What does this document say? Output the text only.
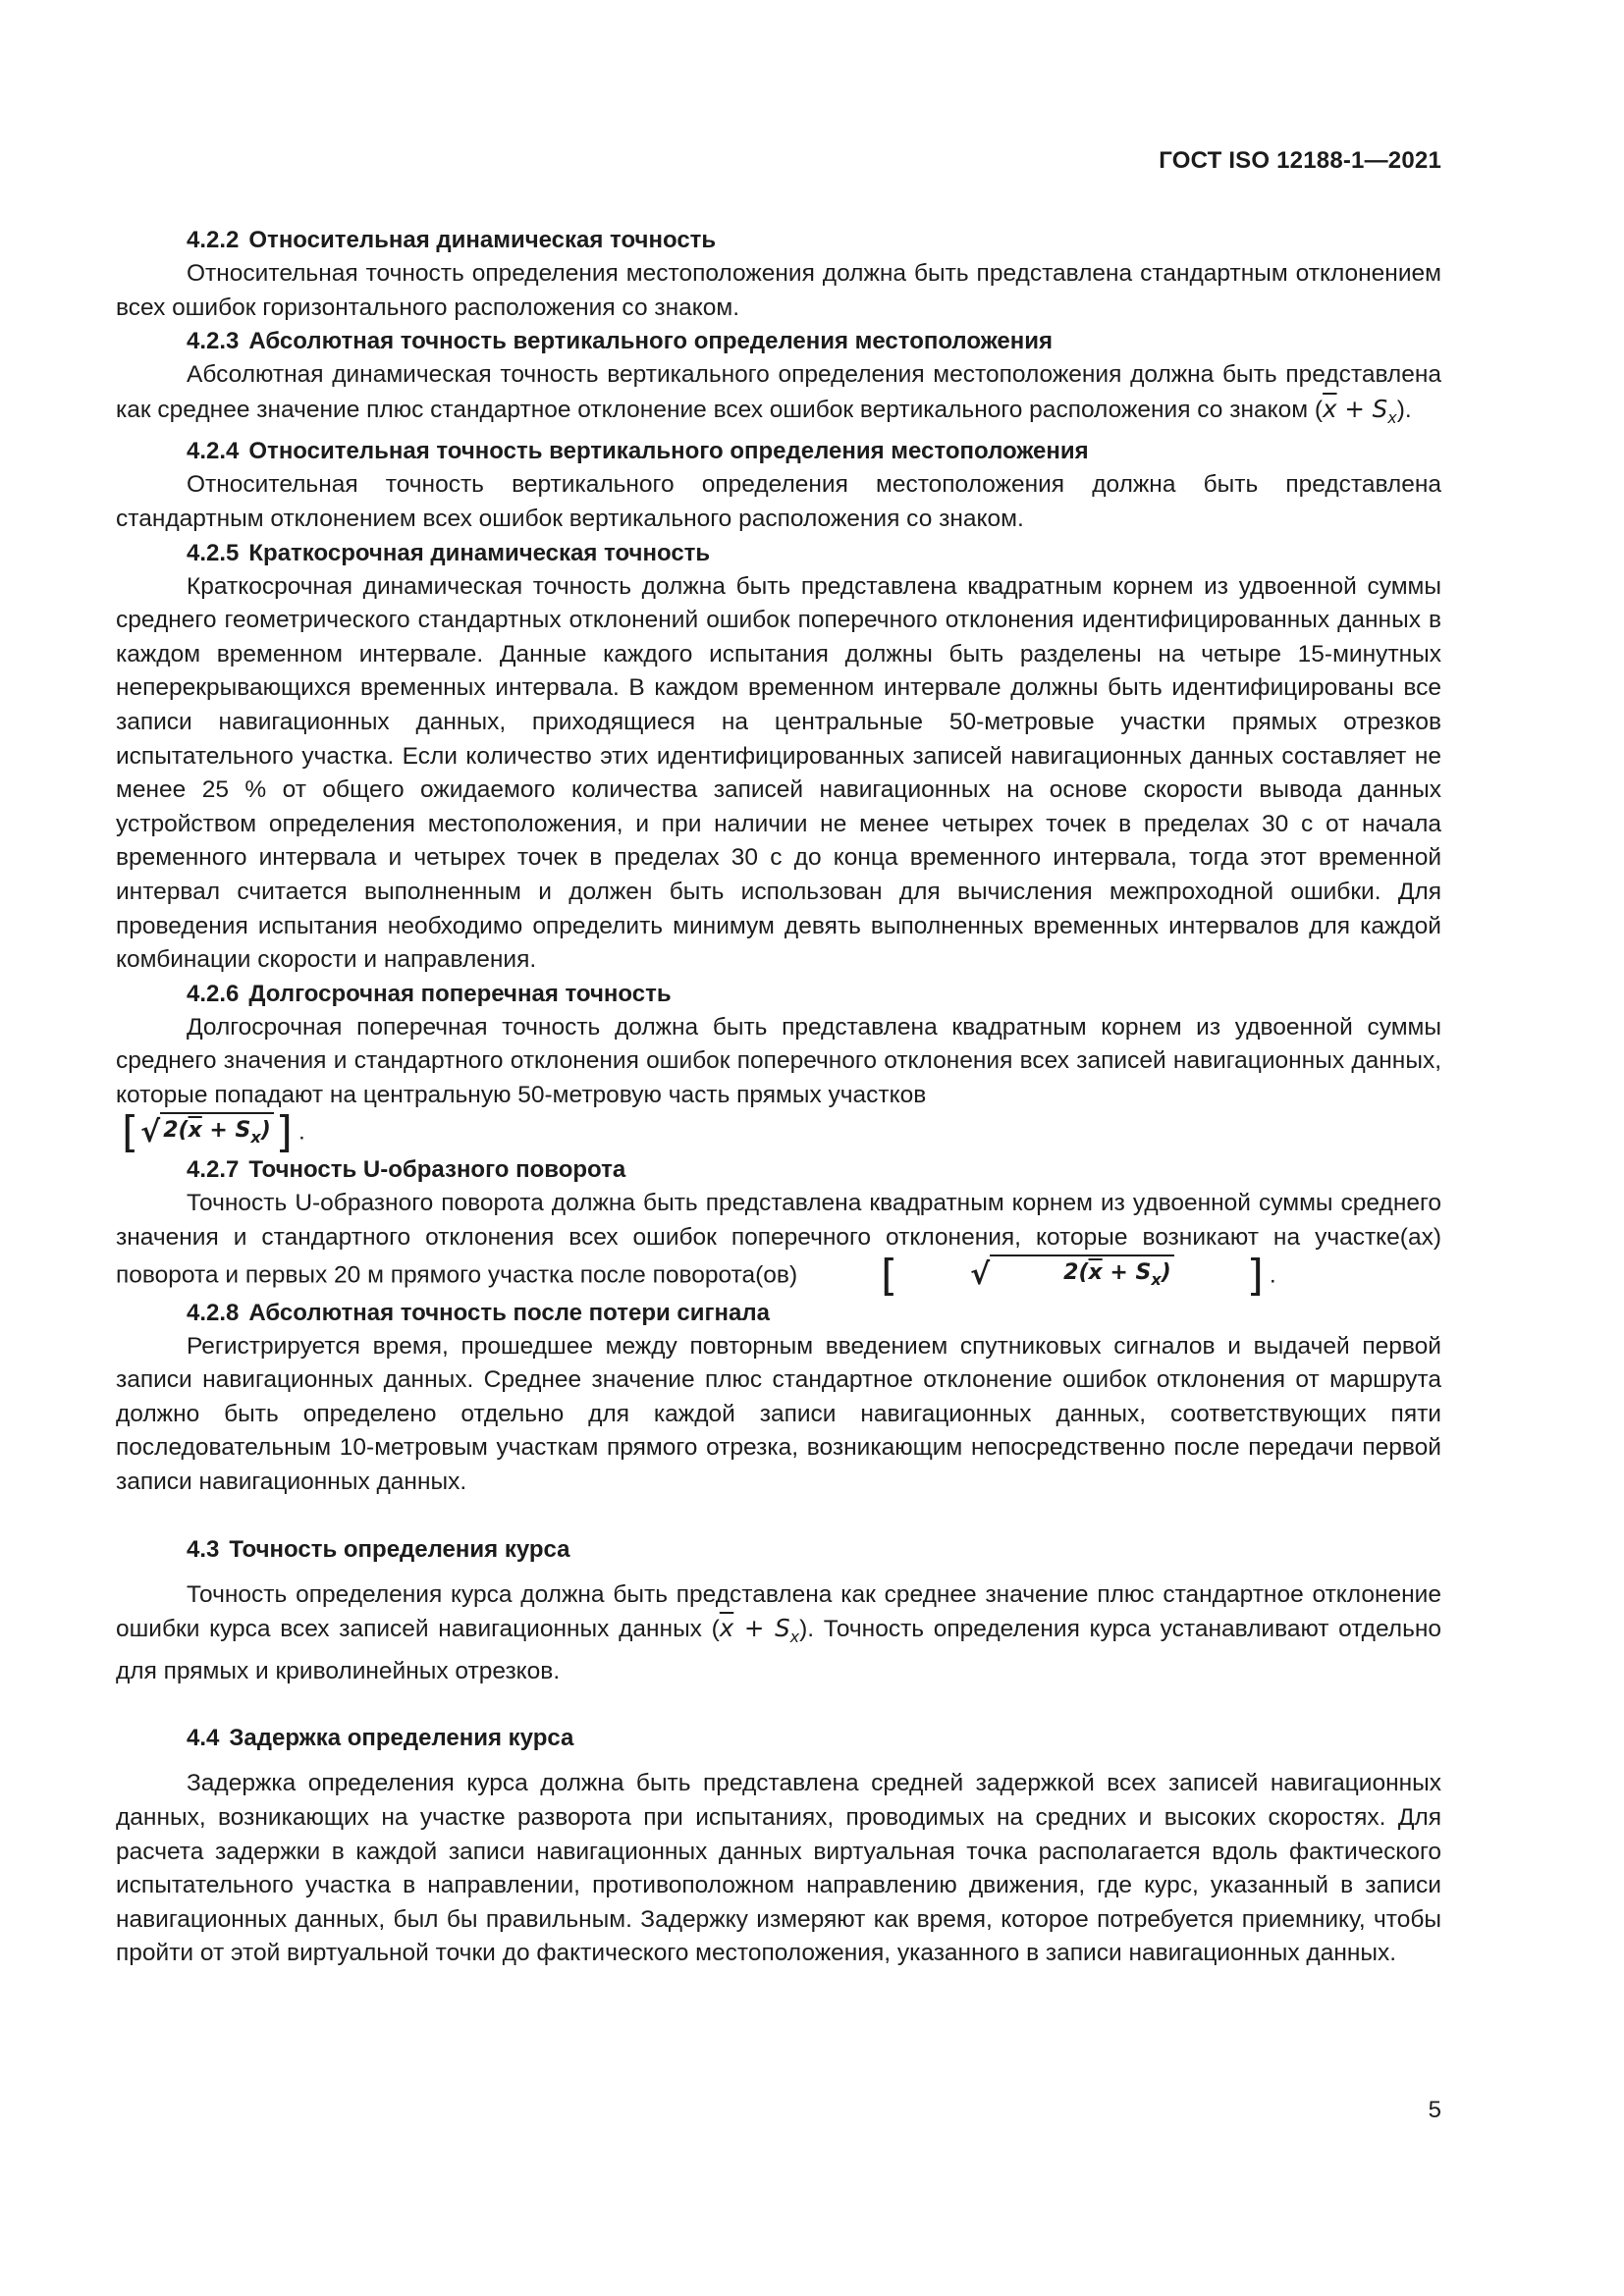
ГОСТ ISO 12188-1—2021

4.2.2 Относительная динамическая точность

Относительная точность определения местоположения должна быть представлена стандартным отклонением всех ошибок горизонтального расположения со знаком.

4.2.3 Абсолютная точность вертикального определения местоположения

Абсолютная динамическая точность вертикального определения местоположения должна быть представлена как среднее значение плюс стандартное отклонение всех ошибок вертикального расположения со знаком $(\overline{x} + S_x)$.

4.2.4 Относительная точность вертикального определения местоположения

Относительная точность вертикального определения местоположения должна быть представлена стандартным отклонением всех ошибок вертикального расположения со знаком.

4.2.5 Краткосрочная динамическая точность

Краткосрочная динамическая точность должна быть представлена квадратным корнем из удвоенной суммы среднего геометрического стандартных отклонений ошибок поперечного отклонения идентифицированных данных в каждом временном интервале. Данные каждого испытания должны быть разделены на четыре 15-минутных неперекрывающихся временных интервала. В каждом временном интервале должны быть идентифицированы все записи навигационных данных, приходящиеся на центральные 50-метровые участки прямых отрезков испытательного участка. Если количество этих идентифицированных записей навигационных данных составляет не менее 25 % от общего ожидаемого количества записей навигационных на основе скорости вывода данных устройством определения местоположения, и при наличии не менее четырех точек в пределах 30 с от начала временного интервала и четырех точек в пределах 30 с до конца временного интервала, тогда этот временной интервал считается выполненным и должен быть использован для вычисления межпроходной ошибки. Для проведения испытания необходимо определить минимум девять выполненных временных интервалов для каждой комбинации скорости и направления.

4.2.6 Долгосрочная поперечная точность

Долгосрочная поперечная точность должна быть представлена квадратным корнем из удвоенной суммы среднего значения и стандартного отклонения ошибок поперечного отклонения всех записей навигационных данных, которые попадают на центральную 50-метровую часть прямых участков

[ √ $2(\overline{x} + S_x)$ ] .

4.2.7 Точность U-образного поворота

Точность U-образного поворота должна быть представлена квадратным корнем из удвоенной суммы среднего значения и стандартного отклонения всех ошибок поперечного отклонения, которые возникают на участке(ах) поворота и первых 20 м прямого участка после поворота(ов)	[	√	$2(\overline{x} + S_x)$	] .

4.2.8 Абсолютная точность после потери сигнала

Регистрируется время, прошедшее между повторным введением спутниковых сигналов и выдачей первой записи навигационных данных. Среднее значение плюс стандартное отклонение ошибок отклонения от маршрута должно быть определено отдельно для каждой записи навигационных данных, соответствующих пяти последовательным 10-метровым участкам прямого отрезка, возникающим непосредственно после передачи первой записи навигационных данных.

4.3 Точность определения курса

Точность определения курса должна быть представлена как среднее значение плюс стандартное отклонение ошибки курса всех записей навигационных данных $(\overline{x} + S_x)$. Точность определения курса устанавливают отдельно для прямых и криволинейных отрезков.

4.4 Задержка определения курса

Задержка определения курса должна быть представлена средней задержкой всех записей навигационных данных, возникающих на участке разворота при испытаниях, проводимых на средних и высоких скоростях. Для расчета задержки в каждой записи навигационных данных виртуальная точка располагается вдоль фактического испытательного участка в направлении, противоположном направлению движения, где курс, указанный в записи навигационных данных, был бы правильным. Задержку измеряют как время, которое потребуется приемнику, чтобы пройти от этой виртуальной точки до фактического местоположения, указанного в записи навигационных данных.

5
